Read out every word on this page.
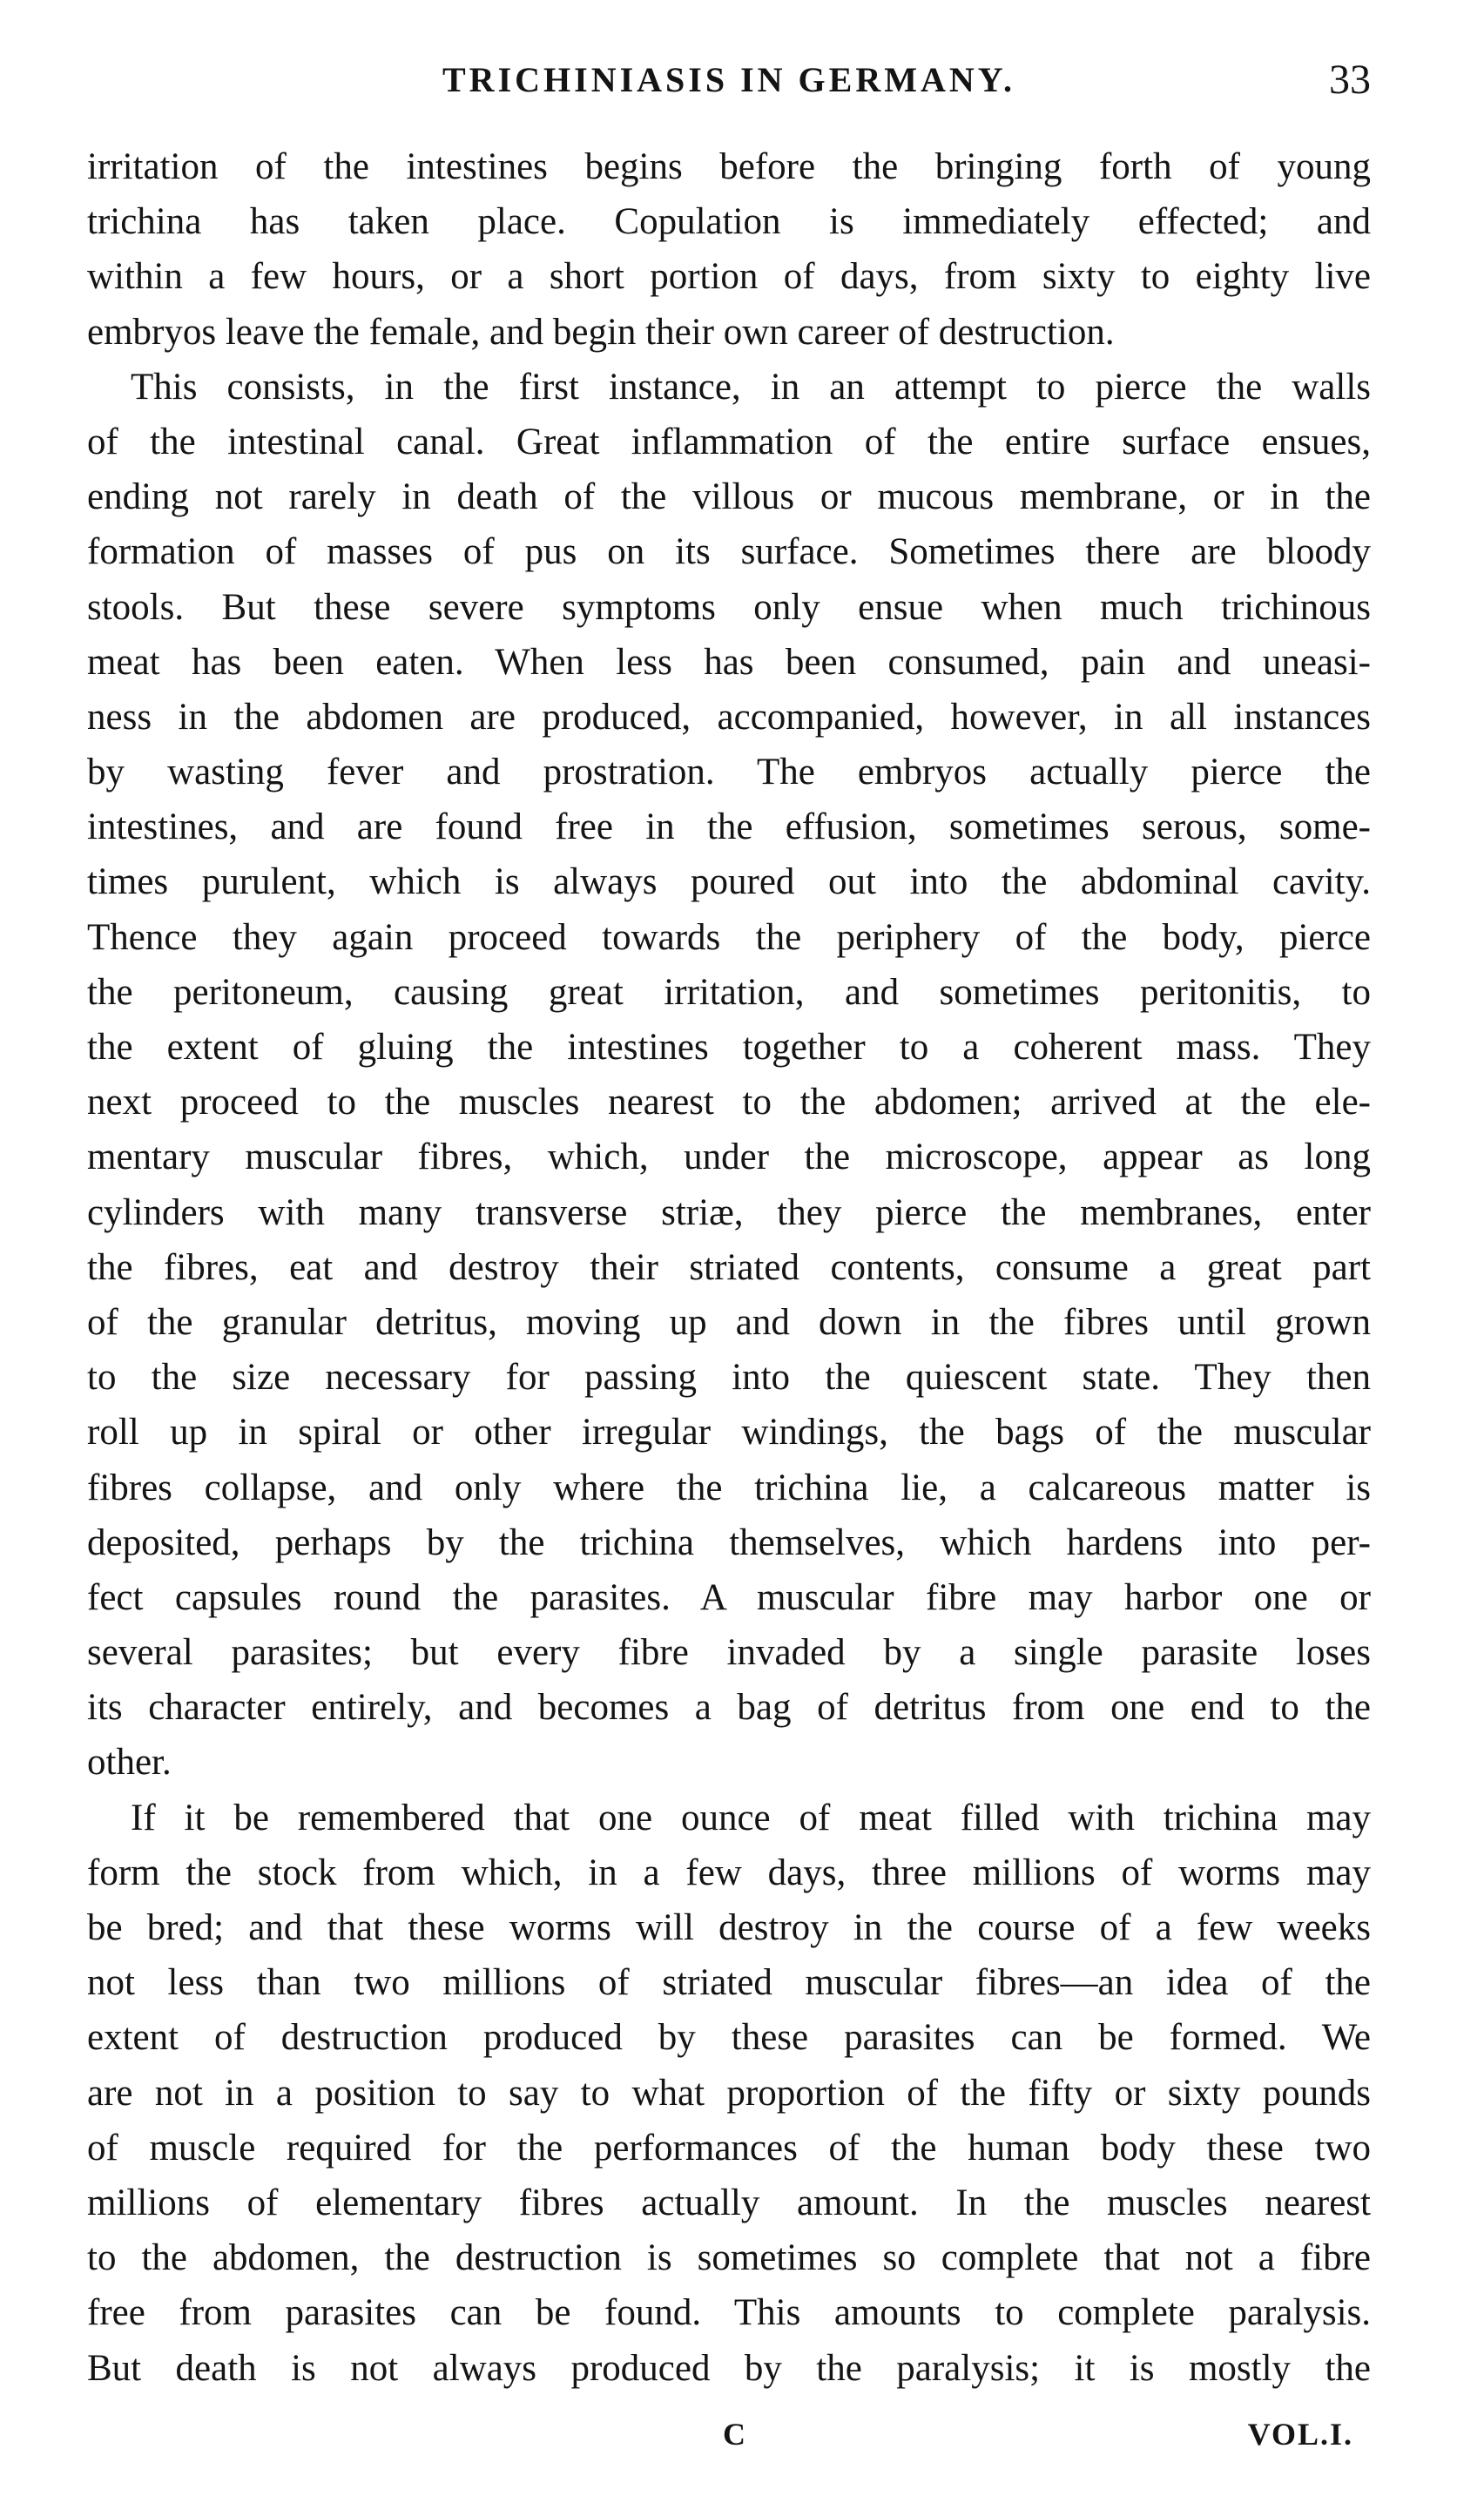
TRICHINIASIS IN GERMANY.	33
irritation of the intestines begins before the bringing forth of young
trichina has taken place. Copulation is immediately effected; and
within a few hours, or a short portion of days, from sixty to eighty live
embryos leave the female, and begin their own career of destruction.
This consists, in the first instance, in an attempt to pierce the walls
of the intestinal canal. Great inflammation of the entire surface ensues,
ending not rarely in death of the villous or mucous membrane, or in the
formation of masses of pus on its surface. Sometimes there are bloody
stools. But these severe symptoms only ensue when much trichinous
meat has been eaten. When less has been consumed, pain and uneasi-
ness in the abdomen are produced, accompanied, however, in all instances
by wasting fever and prostration. The embryos actually pierce the
intestines, and are found free in the effusion, sometimes serous, some-
times purulent, which is always poured out into the abdominal cavity.
Thence they again proceed towards the periphery of the body, pierce
the peritoneum, causing great irritation, and sometimes peritonitis, to
the extent of gluing the intestines together to a coherent mass. They
next proceed to the muscles nearest to the abdomen; arrived at the ele-
mentary muscular fibres, which, under the microscope, appear as long
cylinders with many transverse striæ, they pierce the membranes, enter
the fibres, eat and destroy their striated contents, consume a great part
of the granular detritus, moving up and down in the fibres until grown
to the size necessary for passing into the quiescent state. They then
roll up in spiral or other irregular windings, the bags of the muscular
fibres collapse, and only where the trichina lie, a calcareous matter is
deposited, perhaps by the trichina themselves, which hardens into per-
fect capsules round the parasites. A muscular fibre may harbor one or
several parasites; but every fibre invaded by a single parasite loses
its character entirely, and becomes a bag of detritus from one end to the
other.
If it be remembered that one ounce of meat filled with trichina may
form the stock from which, in a few days, three millions of worms may
be bred; and that these worms will destroy in the course of a few weeks
not less than two millions of striated muscular fibres—an idea of the
extent of destruction produced by these parasites can be formed. We
are not in a position to say to what proportion of the fifty or sixty pounds
of muscle required for the performances of the human body these two
millions of elementary fibres actually amount. In the muscles nearest
to the abdomen, the destruction is sometimes so complete that not a fibre
free from parasites can be found. This amounts to complete paralysis.
But death is not always produced by the paralysis; it is mostly the
C	VOL.I.
